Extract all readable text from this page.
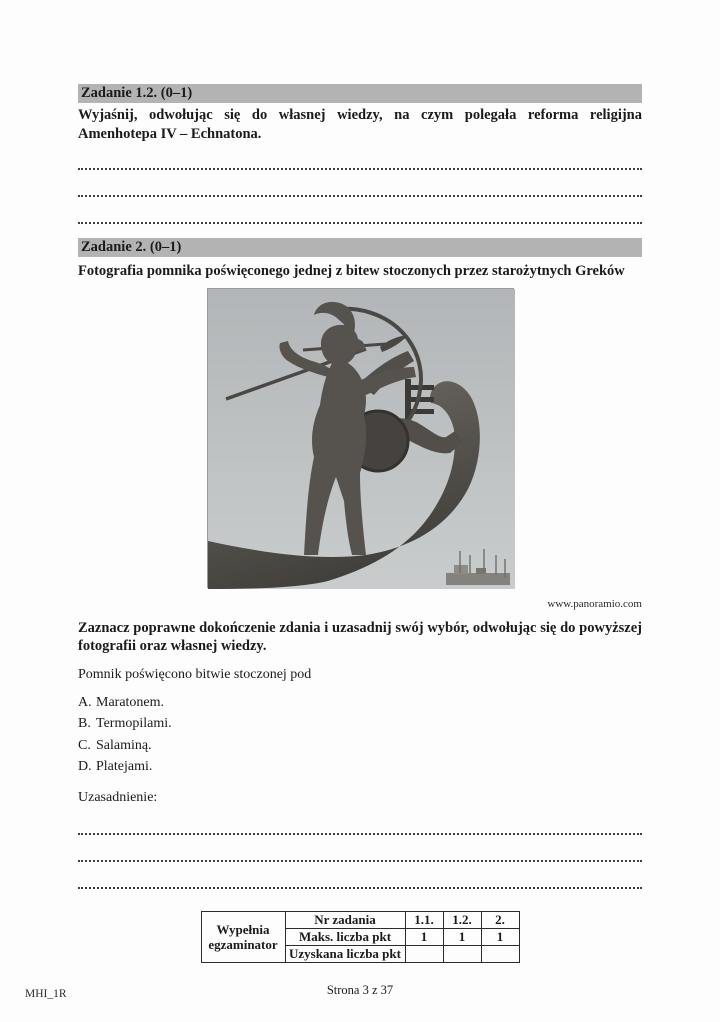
Zadanie 1.2. (0–1)

Wyjaśnij, odwołując się do własnej wiedzy, na czym polegała reforma religijna Amenhotepa IV – Echnatona.

Zadanie 2. (0–1)

Fotografia pomnika poświęconego jednej z bitew stoczonych przez starożytnych Greków

www.panoramio.com

Zaznacz poprawne dokończenie zdania i uzasadnij swój wybór, odwołując się do powyższej fotografii oraz własnej wiedzy.

Pomnik poświęcono bitwie stoczonej pod

A. Maratonem.
B. Termopilami.
C. Salaminą.
D. Platejami.

Uzasadnienie:

Wypełnia egzaminator	Nr zadania	1.1.	1.2.	2.
	Maks. liczba pkt	1	1	1
	Uzyskana liczba pkt			
MHI_1R	Strona 3 z 37
